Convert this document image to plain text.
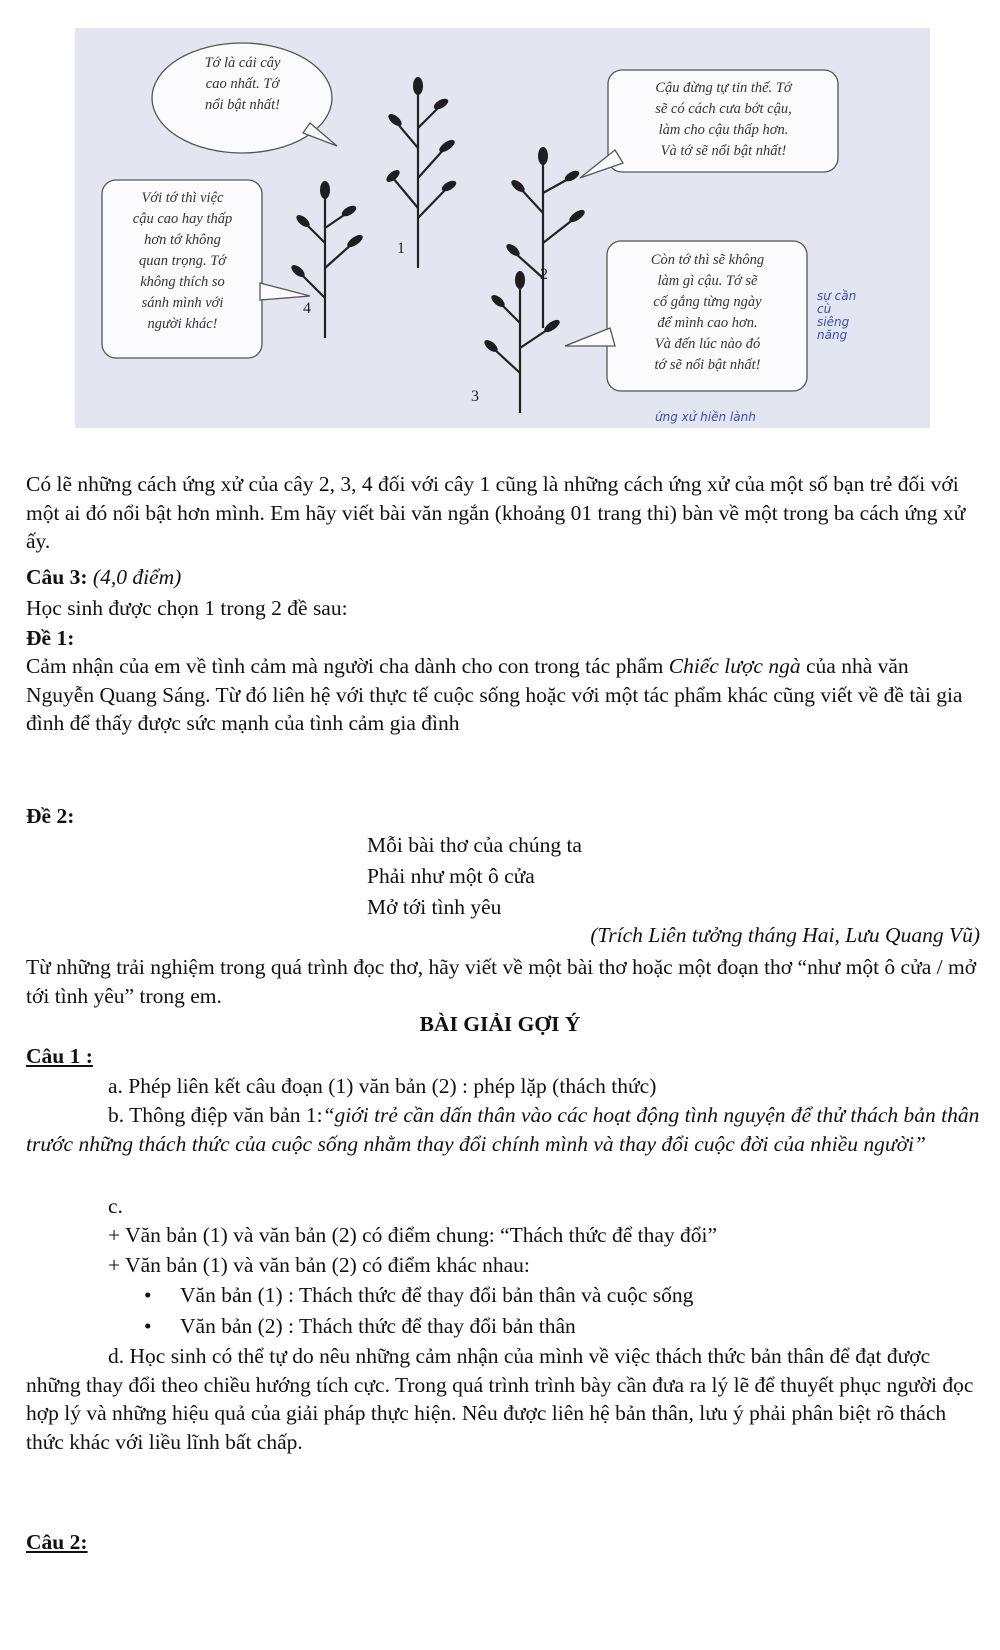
Tớ là cái cây
cao nhất. Tớ
nổi bật nhất!
Cậu đừng tự tin thế. Tớ
sẽ có cách cưa bớt cậu,
làm cho cậu thấp hơn.
Và tớ sẽ nổi bật nhất!
Với tớ thì việc
cậu cao hay thấp
hơn tớ không
quan trọng. Tớ
không thích so
sánh mình với
người khác!
Còn tớ thì sẽ không
làm gì cậu. Tớ sẽ
cố gắng từng ngày
để mình cao hơn.
Và đến lúc nào đó
tớ sẽ nổi bật nhất!
1
2
3
4
sự cần
cù
siêng
năng
ứng xử hiền lành
Có lẽ những cách ứng xử của cây 2, 3, 4 đối với cây 1 cũng là những cách ứng xử của một số bạn trẻ đối với một ai đó nổi bật hơn mình. Em hãy viết bài văn ngắn (khoảng 01 trang thi) bàn về một trong ba cách ứng xử ấy.
Câu 3: (4,0 điểm)
Học sinh được chọn 1 trong 2 đề sau:
Đề 1:
Cảm nhận của em về tình cảm mà người cha dành cho con trong tác phẩm Chiếc lược ngà của nhà văn Nguyễn Quang Sáng. Từ đó liên hệ với thực tế cuộc sống hoặc với một tác phẩm khác cũng viết về đề tài gia đình để thấy được sức mạnh của tình cảm gia đình
Đề 2:
Mỗi bài thơ của chúng ta
Phải như một ô cửa
Mở tới tình yêu
(Trích Liên tưởng tháng Hai, Lưu Quang Vũ)
Từ những trải nghiệm trong quá trình đọc thơ, hãy viết về một bài thơ hoặc một đoạn thơ “như một ô cửa / mở tới tình yêu” trong em.
BÀI GIẢI GỢI Ý
Câu 1 :
a. Phép liên kết câu đoạn (1) văn bản (2) : phép lặp (thách thức)
b. Thông điệp văn bản 1:“giới trẻ cần dấn thân vào các hoạt động tình nguyện để thử thách bản thân trước những thách thức của cuộc sống nhằm thay đổi chính mình và thay đổi cuộc đời của nhiều người”
c.
+ Văn bản (1) và văn bản (2) có điểm chung: “Thách thức để thay đổi”
+ Văn bản (1) và văn bản (2) có điểm khác nhau:
• Văn bản (1) : Thách thức để thay đổi bản thân và cuộc sống
• Văn bản (2) : Thách thức để thay đổi bản thân
d. Học sinh có thể tự do nêu những cảm nhận của mình về việc thách thức bản thân để đạt được những thay đổi theo chiều hướng tích cực. Trong quá trình trình bày cần đưa ra lý lẽ để thuyết phục người đọc hợp lý và những hiệu quả của giải pháp thực hiện. Nêu được liên hệ bản thân, lưu ý phải phân biệt rõ thách thức khác với liều lĩnh bất chấp.
Câu 2:
